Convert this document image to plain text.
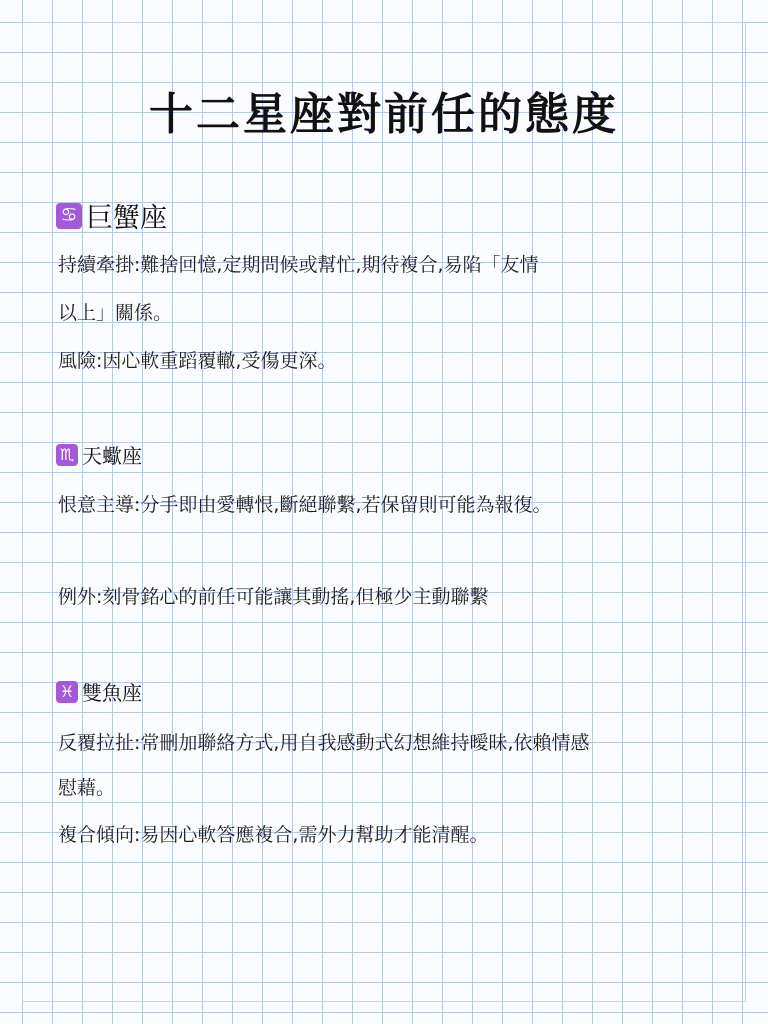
十二星座對前任的態度
♋ 巨蟹座
持續牽掛:難捨回憶,定期問候或幫忙,期待複合,易陷「友情
以上」關係。
風險:因心軟重蹈覆轍,受傷更深。
♏ 天蠍座
恨意主導:分手即由愛轉恨,斷絕聯繫,若保留則可能為報復。
例外:刻骨銘心的前任可能讓其動搖,但極少主動聯繫
♓ 雙魚座
反覆拉扯:常刪加聯絡方式,用自我感動式幻想維持曖昧,依賴情感
慰藉。
複合傾向:易因心軟答應複合,需外力幫助才能清醒。
